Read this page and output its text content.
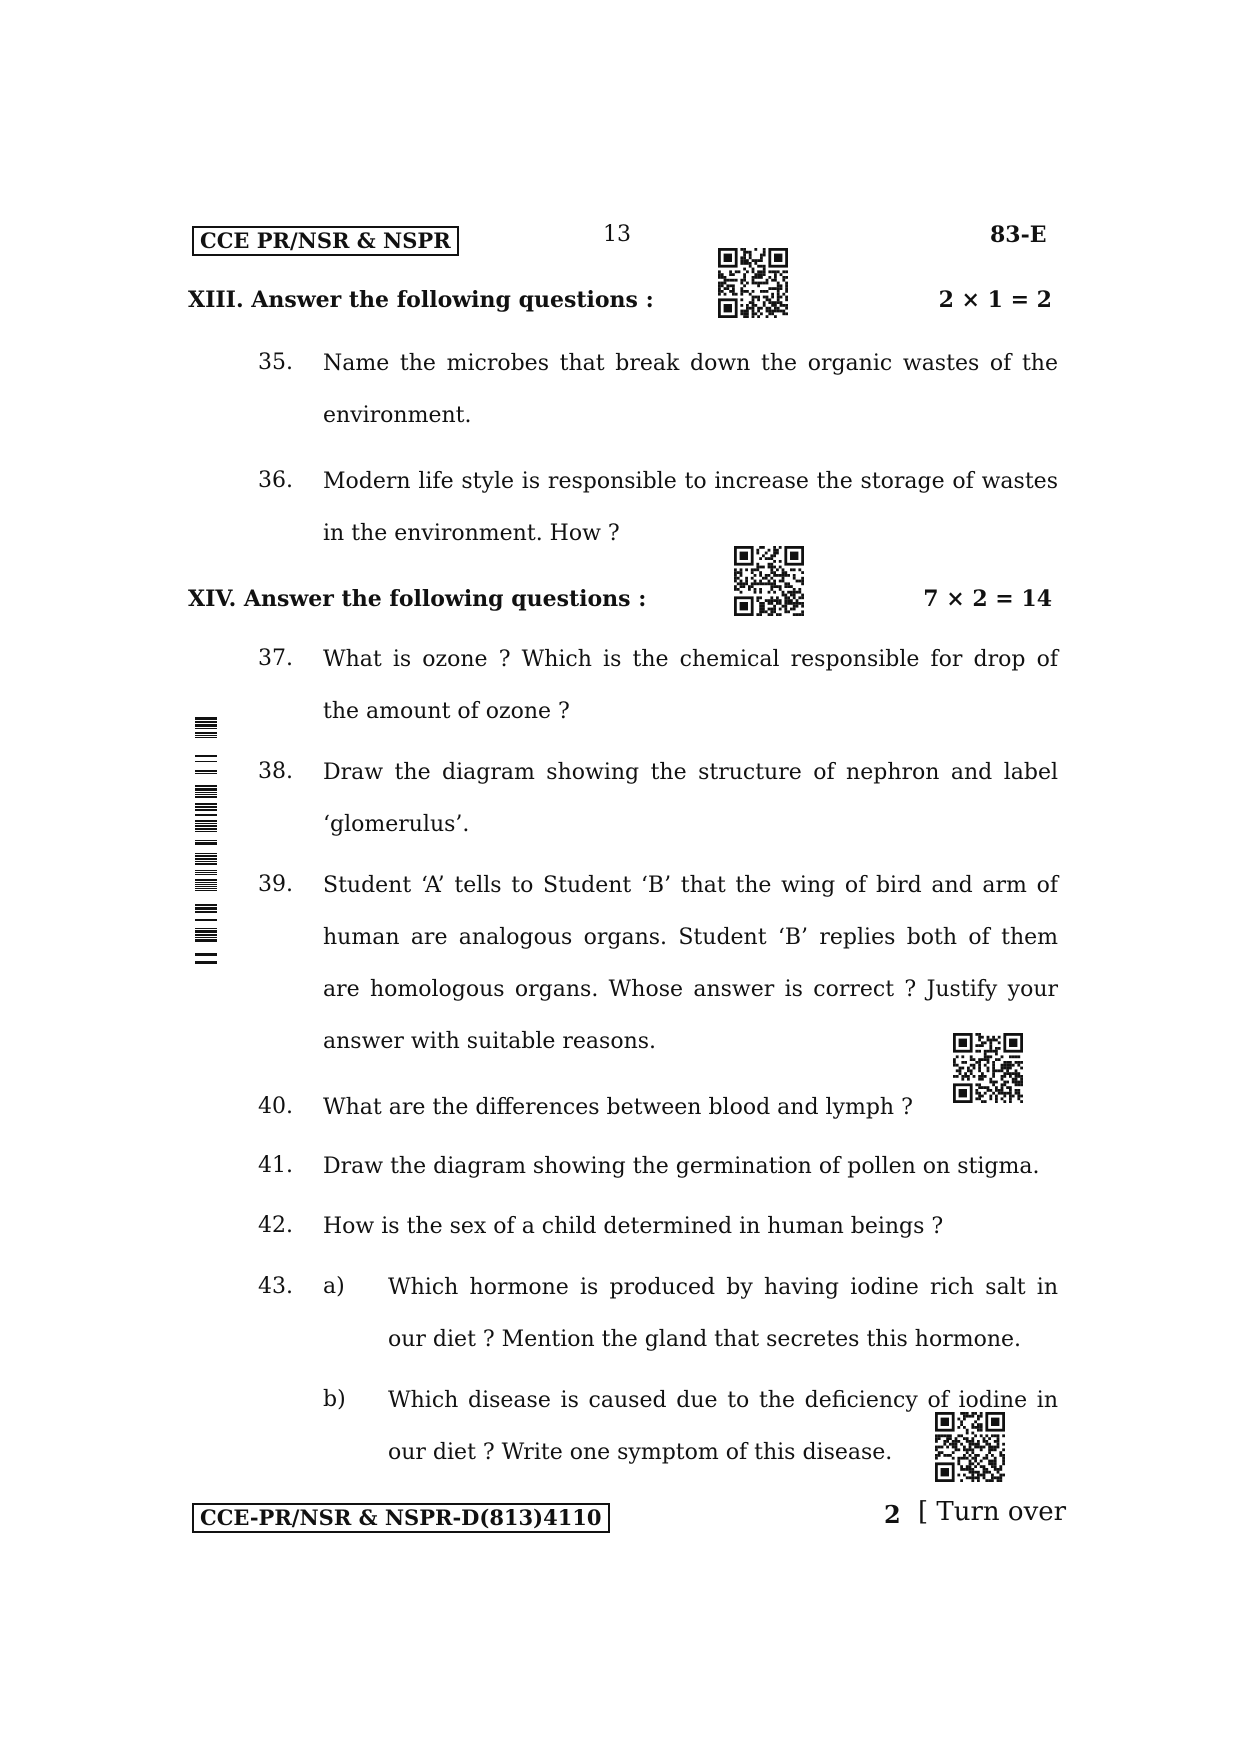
CCE PR/NSR & NSPR	13	83-E
XIII. Answer the following questions :	2 × 1 = 2
35. Name the microbes that break down the organic wastes of the
environment.
36. Modern life style is responsible to increase the storage of wastes
in the environment. How ?
XIV. Answer the following questions :	7 × 2 = 14
37. What is ozone ? Which is the chemical responsible for drop of
the amount of ozone ?
38. Draw the diagram showing the structure of nephron and label
‘glomerulus’.
39. Student ‘A’ tells to Student ‘B’ that the wing of bird and arm of
human are analogous organs. Student ‘B’ replies both of them
are homologous organs. Whose answer is correct ? Justify your
answer with suitable reasons.
40. What are the differences between blood and lymph ?
41. Draw the diagram showing the germination of pollen on stigma.
42. How is the sex of a child determined in human beings ?
43. a) Which hormone is produced by having iodine rich salt in
our diet ? Mention the gland that secretes this hormone.
b) Which disease is caused due to the deficiency of iodine in
our diet ? Write one symptom of this disease.
CCE-PR/NSR & NSPR-D(813)4110	2 [ Turn over
